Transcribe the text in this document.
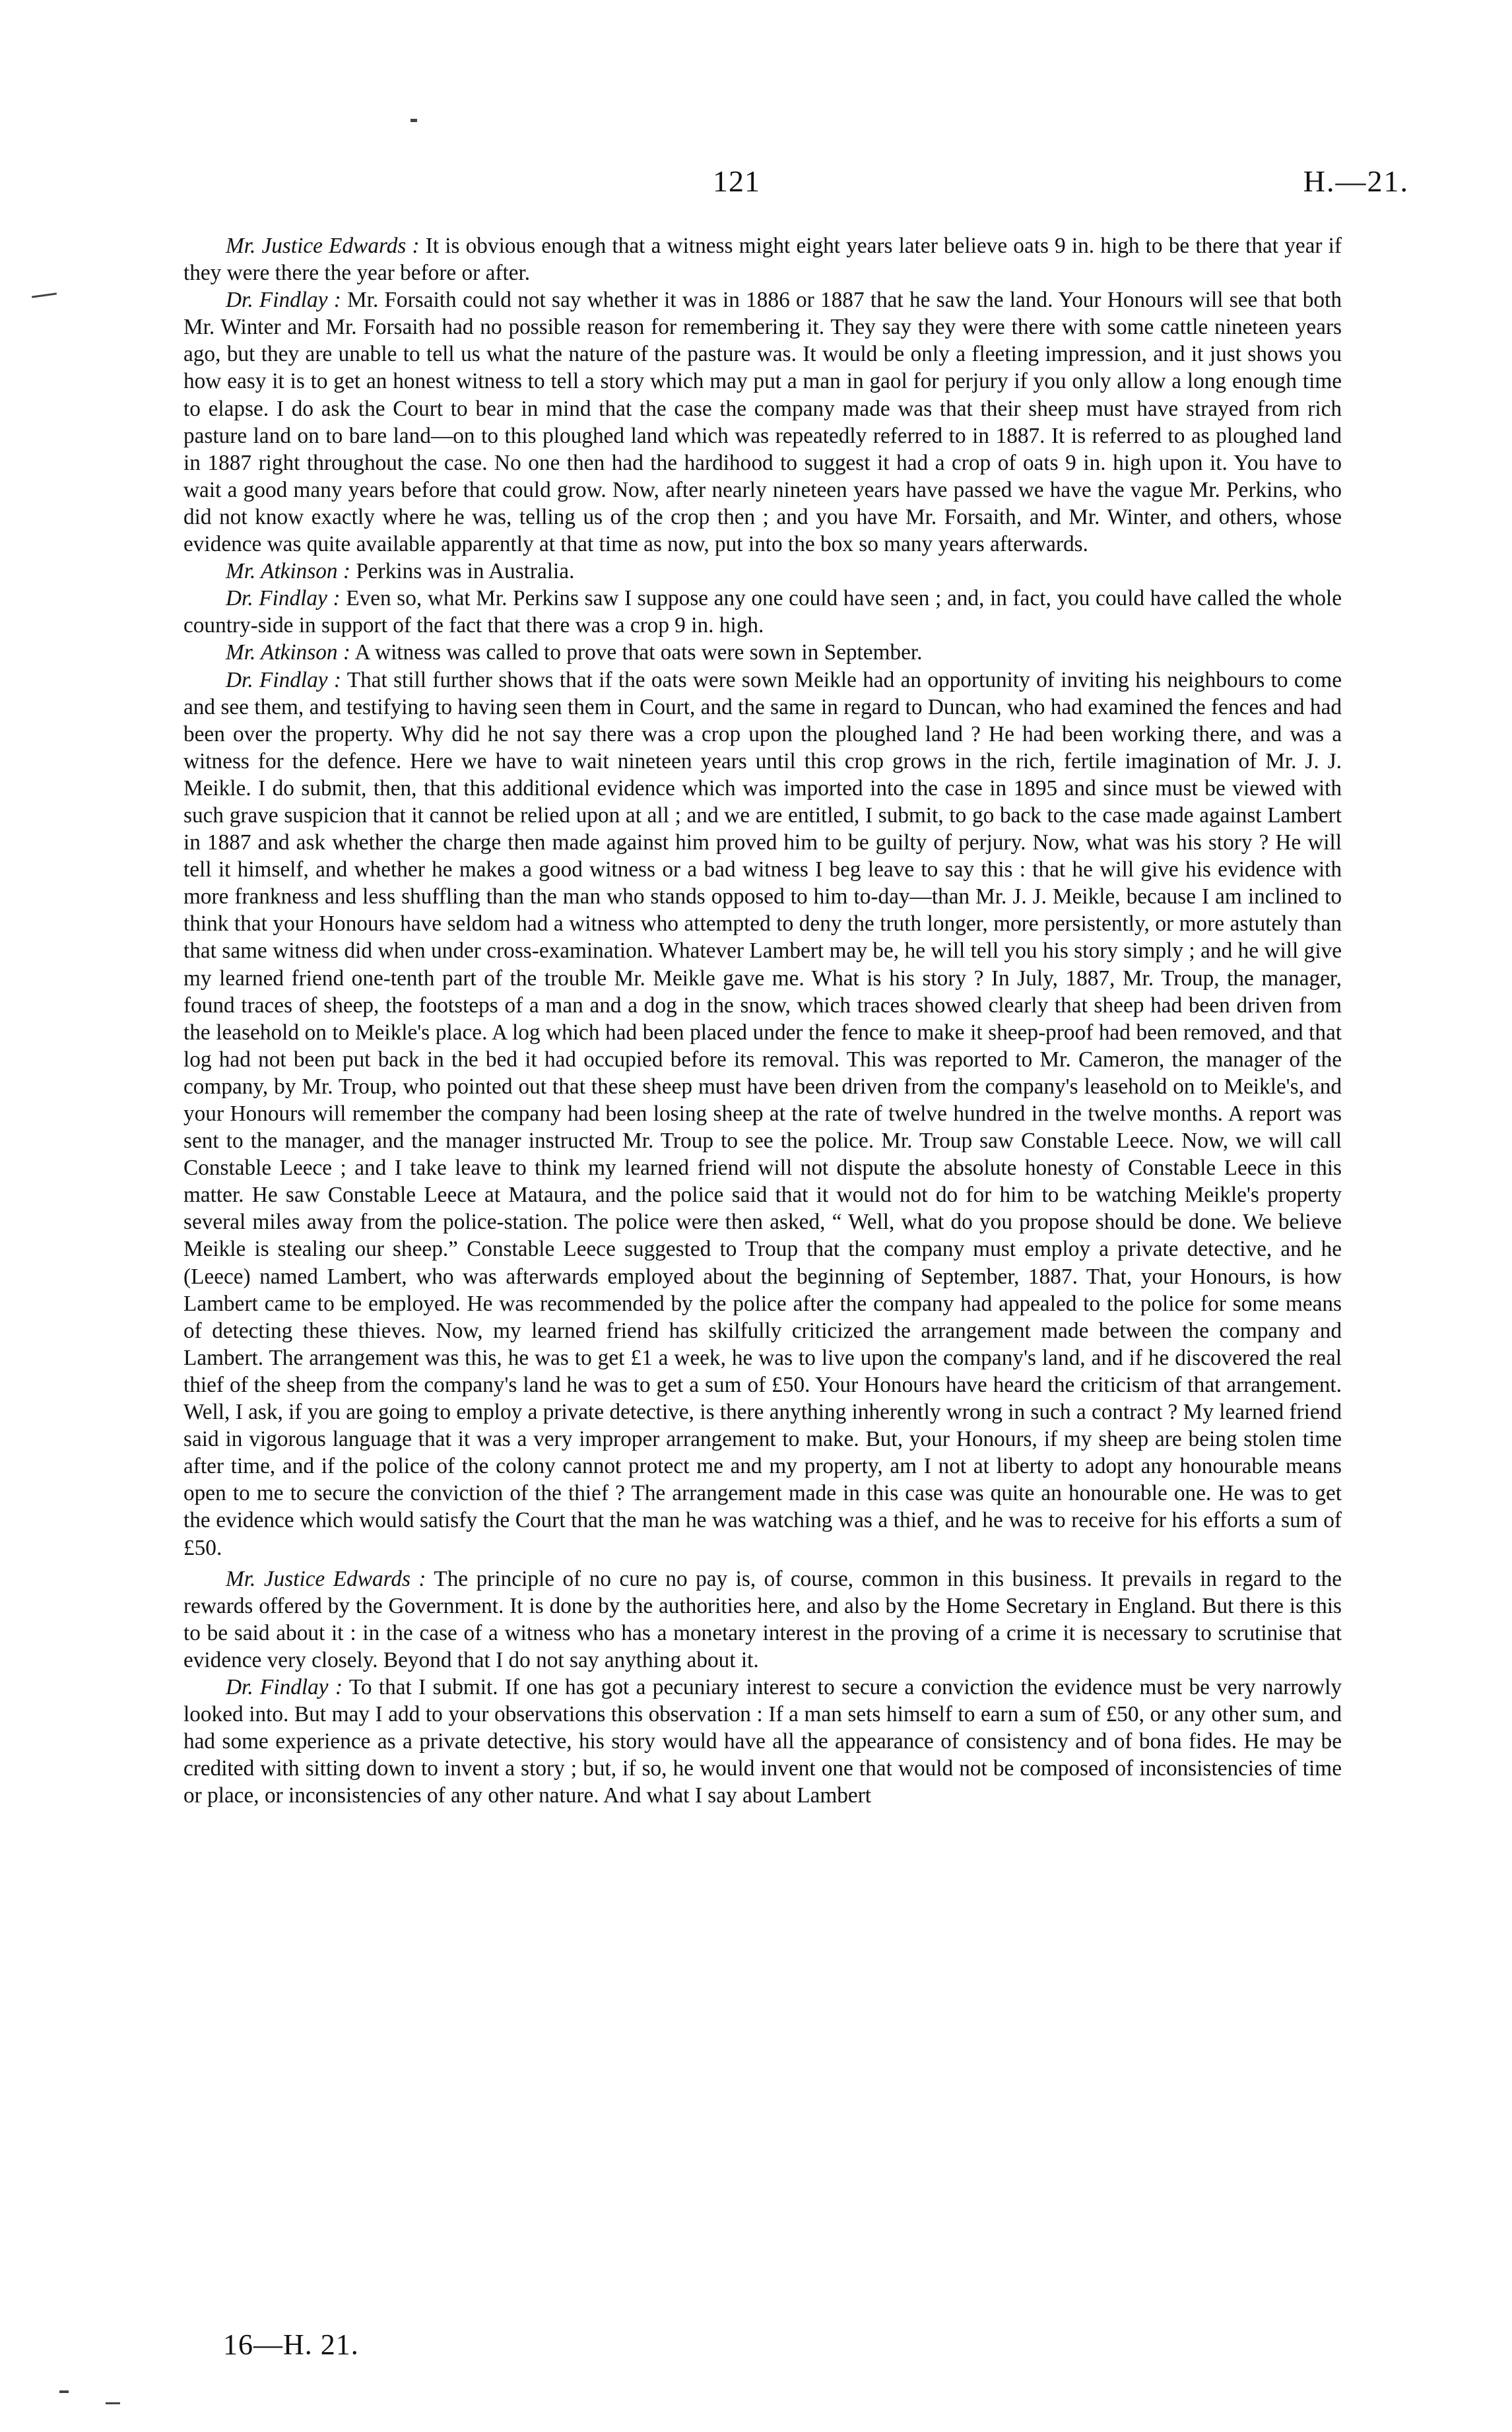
121	H.—21.

Mr. Justice Edwards : It is obvious enough that a witness might eight years later believe oats 9 in. high to be there that year if they were there the year before or after.

Dr. Findlay : Mr. Forsaith could not say whether it was in 1886 or 1887 that he saw the land. Your Honours will see that both Mr. Winter and Mr. Forsaith had no possible reason for remembering it. They say they were there with some cattle nineteen years ago, but they are unable to tell us what the nature of the pasture was. It would be only a fleeting impression, and it just shows you how easy it is to get an honest witness to tell a story which may put a man in gaol for perjury if you only allow a long enough time to elapse. I do ask the Court to bear in mind that the case the company made was that their sheep must have strayed from rich pasture land on to bare land—on to this ploughed land which was repeatedly referred to in 1887. It is referred to as ploughed land in 1887 right throughout the case. No one then had the hardihood to suggest it had a crop of oats 9 in. high upon it. You have to wait a good many years before that could grow. Now, after nearly nineteen years have passed we have the vague Mr. Perkins, who did not know exactly where he was, telling us of the crop then ; and you have Mr. Forsaith, and Mr. Winter, and others, whose evidence was quite available apparently at that time as now, put into the box so many years afterwards.

Mr. Atkinson : Perkins was in Australia.

Dr. Findlay : Even so, what Mr. Perkins saw I suppose any one could have seen ; and, in fact, you could have called the whole country-side in support of the fact that there was a crop 9 in. high.

Mr. Atkinson : A witness was called to prove that oats were sown in September.

Dr. Findlay : That still further shows that if the oats were sown Meikle had an opportunity of inviting his neighbours to come and see them, and testifying to having seen them in Court, and the same in regard to Duncan, who had examined the fences and had been over the property. Why did he not say there was a crop upon the ploughed land ? He had been working there, and was a witness for the defence. Here we have to wait nineteen years until this crop grows in the rich, fertile imagination of Mr. J. J. Meikle. I do submit, then, that this additional evidence which was imported into the case in 1895 and since must be viewed with such grave suspicion that it cannot be relied upon at all ; and we are entitled, I submit, to go back to the case made against Lambert in 1887 and ask whether the charge then made against him proved him to be guilty of perjury. Now, what was his story ? He will tell it himself, and whether he makes a good witness or a bad witness I beg leave to say this : that he will give his evidence with more frankness and less shuffling than the man who stands opposed to him to-day—than Mr. J. J. Meikle, because I am inclined to think that your Honours have seldom had a witness who attempted to deny the truth longer, more persistently, or more astutely than that same witness did when under cross-examination. Whatever Lambert may be, he will tell you his story simply ; and he will give my learned friend one-tenth part of the trouble Mr. Meikle gave me. What is his story ? In July, 1887, Mr. Troup, the manager, found traces of sheep, the footsteps of a man and a dog in the snow, which traces showed clearly that sheep had been driven from the leasehold on to Meikle's place. A log which had been placed under the fence to make it sheep-proof had been removed, and that log had not been put back in the bed it had occupied before its removal. This was reported to Mr. Cameron, the manager of the company, by Mr. Troup, who pointed out that these sheep must have been driven from the company's leasehold on to Meikle's, and your Honours will remember the company had been losing sheep at the rate of twelve hundred in the twelve months. A report was sent to the manager, and the manager instructed Mr. Troup to see the police. Mr. Troup saw Constable Leece. Now, we will call Constable Leece ; and I take leave to think my learned friend will not dispute the absolute honesty of Constable Leece in this matter. He saw Constable Leece at Mataura, and the police said that it would not do for him to be watching Meikle's property several miles away from the police-station. The police were then asked, “ Well, what do you propose should be done. We believe Meikle is stealing our sheep.” Constable Leece suggested to Troup that the company must employ a private detective, and he (Leece) named Lambert, who was afterwards employed about the beginning of September, 1887. That, your Honours, is how Lambert came to be employed. He was recommended by the police after the company had appealed to the police for some means of detecting these thieves. Now, my learned friend has skilfully criticized the arrangement made between the company and Lambert. The arrangement was this, he was to get £1 a week, he was to live upon the company's land, and if he discovered the real thief of the sheep from the company's land he was to get a sum of £50. Your Honours have heard the criticism of that arrangement. Well, I ask, if you are going to employ a private detective, is there anything inherently wrong in such a contract ? My learned friend said in vigorous language that it was a very improper arrangement to make. But, your Honours, if my sheep are being stolen time after time, and if the police of the colony cannot protect me and my property, am I not at liberty to adopt any honourable means open to me to secure the conviction of the thief ? The arrangement made in this case was quite an honourable one. He was to get the evidence which would satisfy the Court that the man he was watching was a thief, and he was to receive for his efforts a sum of £50.

Mr. Justice Edwards : The principle of no cure no pay is, of course, common in this business. It prevails in regard to the rewards offered by the Government. It is done by the authorities here, and also by the Home Secretary in England. But there is this to be said about it : in the case of a witness who has a monetary interest in the proving of a crime it is necessary to scrutinise that evidence very closely. Beyond that I do not say anything about it.

Dr. Findlay : To that I submit. If one has got a pecuniary interest to secure a conviction the evidence must be very narrowly looked into. But may I add to your observations this observation : If a man sets himself to earn a sum of £50, or any other sum, and had some experience as a private detective, his story would have all the appearance of consistency and of bona fides. He may be credited with sitting down to invent a story ; but, if so, he would invent one that would not be composed of inconsistencies of time or place, or inconsistencies of any other nature. And what I say about Lambert

16—H. 21.
